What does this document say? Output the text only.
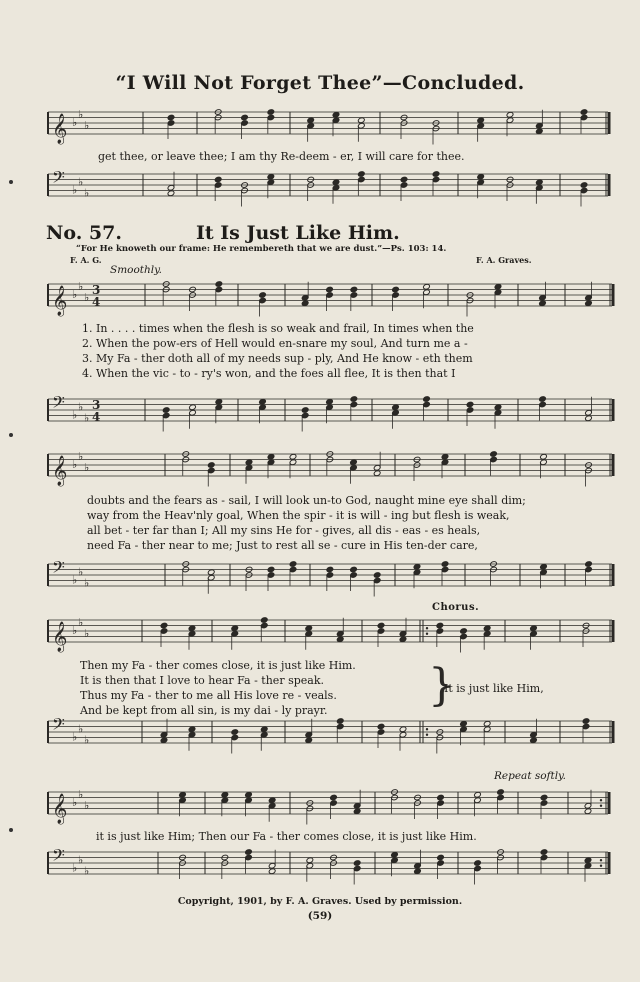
“I Will Not Forget Thee”—Concluded.
𝄞 ♭
♭
♭
get thee, or leave thee; I am thy Re-deem - er, I will care for thee.
𝄢 ♭
♭
♭
No. 57.	It Is Just Like Him.
“For He knoweth our frame: He remembereth that we are dust.”—Ps. 103: 14.
F. A. G.	F. A. Graves.
Smoothly.
𝄞 ♭
♭
♭
3
4
1. In . . . . times when the flesh is so weak and frail, In times when the
2. When the pow-ers of Hell would en-snare my soul, And turn me a -
3. My Fa - ther doth all of my needs sup - ply, And He know - eth them
4. When the vic - to - ry's won, and the foes all flee, It is then that I
𝄢 ♭
♭
♭
3
4
𝄞 ♭
♭
♭
doubts and the fears as - sail, I will look un-to God, naught mine eye shall dim;
way from the Heav'nly goal, When the spir - it is will - ing but flesh is weak,
all bet - ter far than I; All my sins He for - gives, all dis - eas - es heals,
need Fa - ther near to me; Just to rest all se - cure in His ten-der care,
𝄢 ♭
♭
♭
Chorus.
𝄞 ♭
♭
♭
Then my Fa - ther comes close, it is just like Him.
It is then that I love to hear Fa - ther speak.
Thus my Fa - ther to me all His love re - veals.
And be kept from all sin, is my dai - ly prayr. }
It is just like Him,
𝄢 ♭
♭
♭
Repeat softly.
𝄞 ♭
♭
♭
it is just like Him; Then our Fa - ther comes close, it is just like Him.
𝄢 ♭
♭
♭
Copyright, 1901, by F. A. Graves. Used by permission.
(59)
